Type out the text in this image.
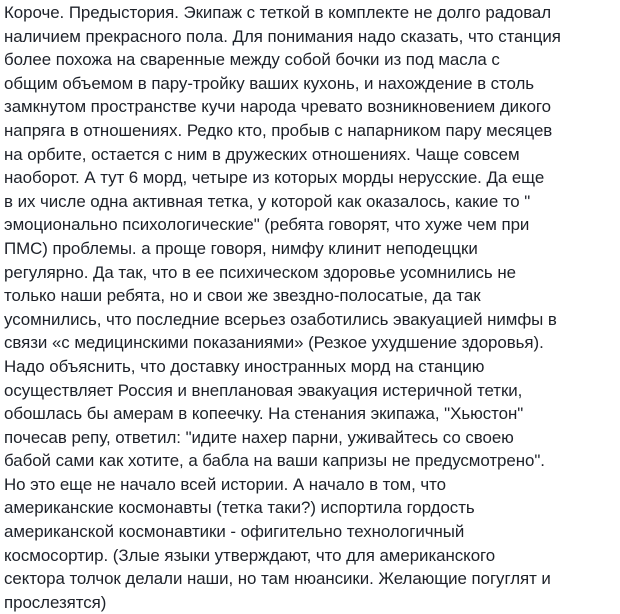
Короче. Предыстория. Экипаж с теткой в комплекте не долго радовал
наличием прекрасного пола. Для понимания надо сказать, что станция
более похожа на сваренные между собой бочки из под масла с
общим объемом в пару-тройку ваших кухонь, и нахождение в столь
замкнутом пространстве кучи народа чревато возникновением дикого
напряга в отношениях. Редко кто, пробыв с напарником пару месяцев
на орбите, остается с ним в дружеских отношениях. Чаще совсем
наоборот. А тут 6 морд, четыре из которых морды нерусские. Да еще
в их числе одна активная тетка, у которой как оказалось, какие то "
эмоционально психологические" (ребята говорят, что хуже чем при
ПМС) проблемы. а проще говоря, нимфу клинит неподеццки
регулярно. Да так, что в ее психическом здоровье усомнились не
только наши ребята, но и свои же звездно-полосатые, да так
усомнились, что последние всерьез озаботились эвакуацией нимфы в
связи «с медицинскими показаниями» (Резкое ухудшение здоровья).
Надо объяснить, что доставку иностранных морд на станцию
осуществляет Россия и внеплановая эвакуация истеричной тетки,
обошлась бы амерам в копеечку. На стенания экипажа, "Хьюстон"
почесав репу, ответил: "идите нахер парни, уживайтесь со своею
бабой сами как хотите, а бабла на ваши капризы не предусмотрено".
Но это еще не начало всей истории. А начало в том, что
американские космонавты (тетка таки?) испортила гордость
американской космонавтики - офигительно технологичный
космосортир. (Злые языки утверждают, что для американского
сектора толчок делали наши, но там нюансики. Желающие погуглят и
прослезятся)
